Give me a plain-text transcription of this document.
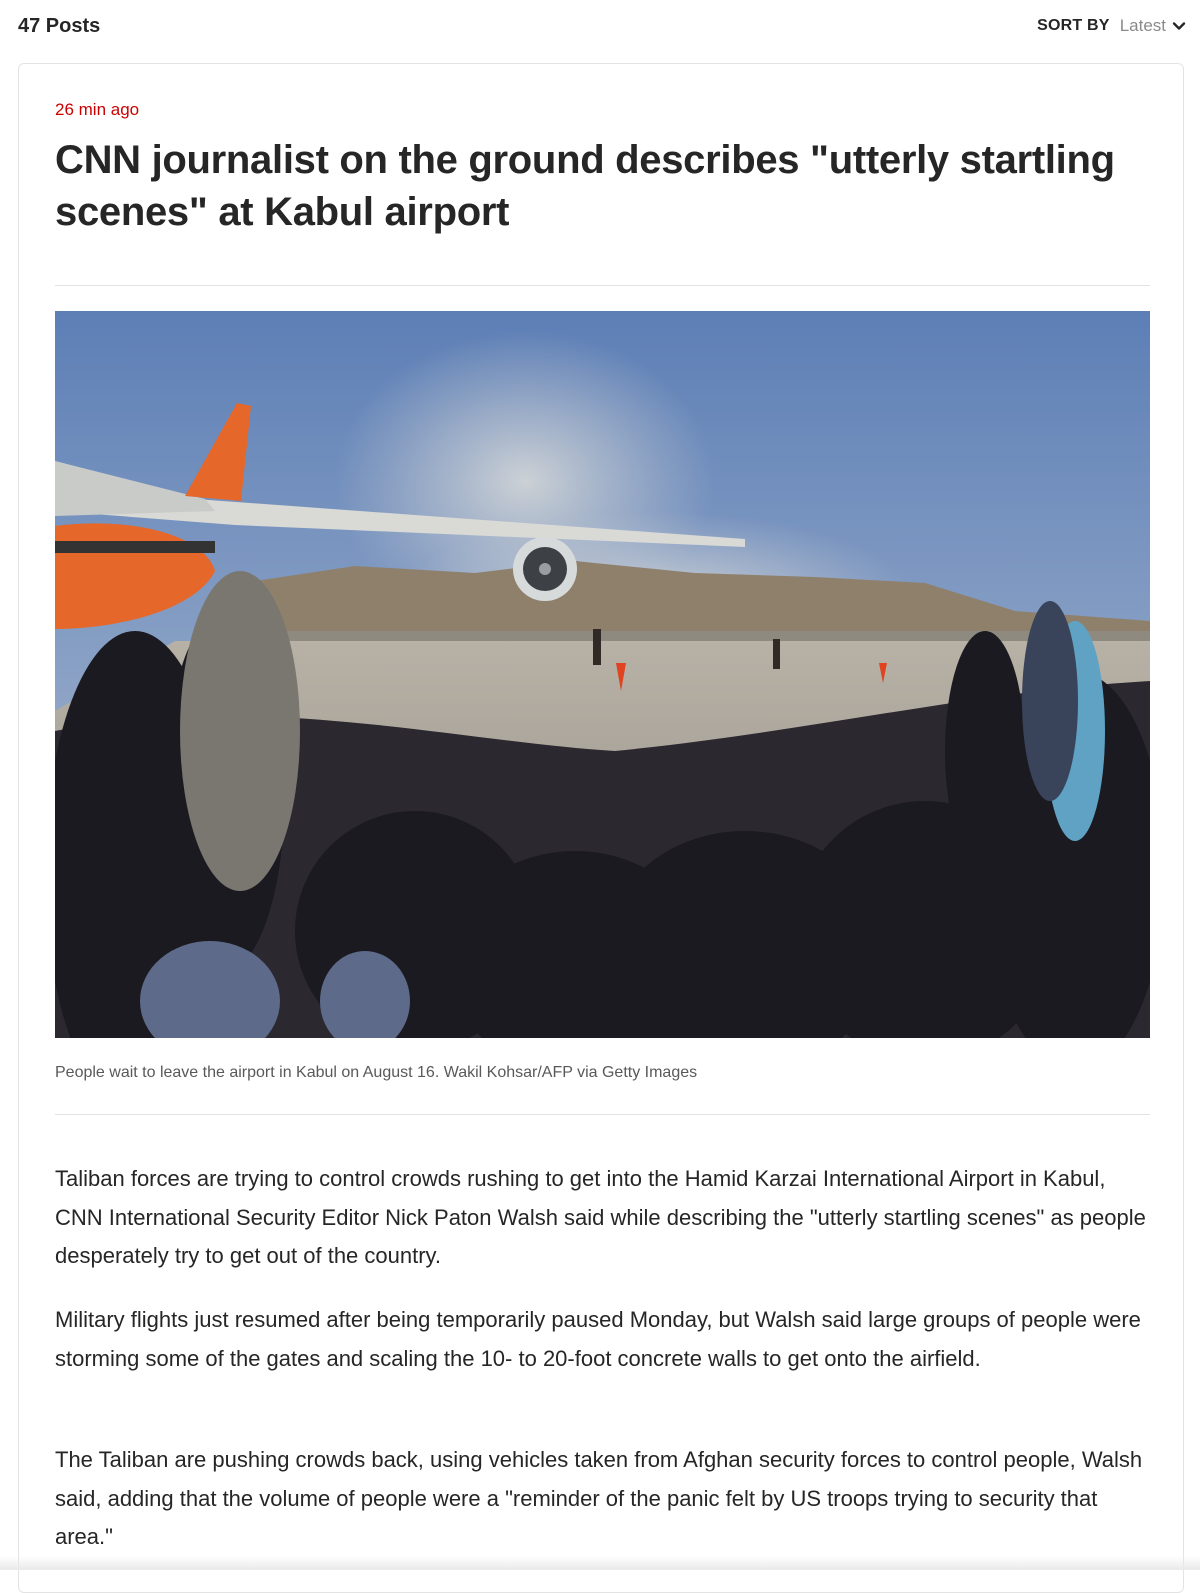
47 Posts	SORT BY Latest
26 min ago
CNN journalist on the ground describes "utterly startling scenes" at Kabul airport
People wait to leave the airport in Kabul on August 16. Wakil Kohsar/AFP via Getty Images

Taliban forces are trying to control crowds rushing to get into the Hamid Karzai International Airport in Kabul, CNN International Security Editor Nick Paton Walsh said while describing the "utterly startling scenes" as people desperately try to get out of the country.

Military flights just resumed after being temporarily paused Monday, but Walsh said large groups of people were storming some of the gates and scaling the 10- to 20-foot concrete walls to get onto the airfield.

The Taliban are pushing crowds back, using vehicles taken from Afghan security forces to control people, Walsh said, adding that the volume of people were a "reminder of the panic felt by US troops trying to security that area."
